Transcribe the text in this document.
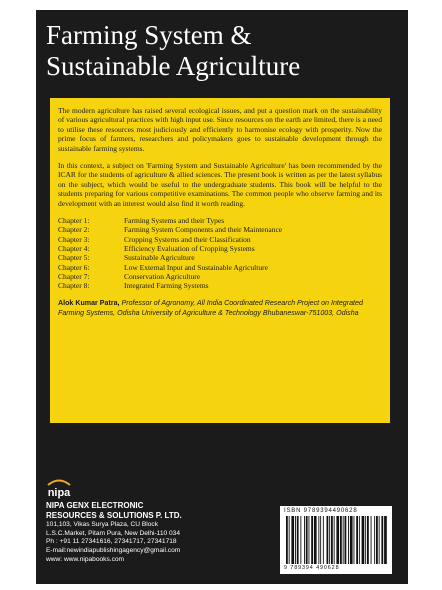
Farming System &
Sustainable Agriculture

The modern agriculture has raised several ecological issues, and put a question mark on the sustainability of various agricultural practices with high input use. Since resources on the earth are limited, there is a need to utilise these resources most judiciously and efficiently to harmonise ecology with prosperity. Now the prime focus of farmers, researchers and policymakers goes to sustainable development through the sustainable farming systems.

In this context, a subject on 'Farming System and Sustainable Agriculture' has been recommended by the ICAR for the students of agriculture & allied sciences. The present book is written as per the latest syllabus on the subject, which would be useful to the undergraduate students. This book will be helpful to the students preparing for various competitive examinations. The common people who observe farming and its development with an interest would also find it worth reading.

Chapter 1:	Farming Systems and their Types
Chapter 2:	Farming System Components and their Maintenance
Chapter 3:	Cropping Systems and their Classification
Chapter 4:	Efficiency Evaluation of Cropping Systems
Chapter 5:	Sustainable Agriculture
Chapter 6:	Low External Input and Sustainable Agriculture
Chapter 7:	Conservation Agriculture
Chapter 8:	Integrated Farming Systems
Alok Kumar Patra, Professor of Agronomy, All India Coordinated Research Project on Integrated Farming Systems, Odisha University of Agriculture & Technology Bhubaneswar-751003, Odisha
nipa
NIPA GENX ELECTRONIC
RESOURCES & SOLUTIONS P. LTD.
101,103, Vikas Surya Plaza, CU Block
L.S.C.Market, Pitam Pura, New Delhi-110 034
Ph : +91 11 27341616, 27341717, 27341718
E-mail:newindiapublishingagency@gmail.com
www: www.nipabooks.com
ISBN 9789394490628
9 789394 490628
